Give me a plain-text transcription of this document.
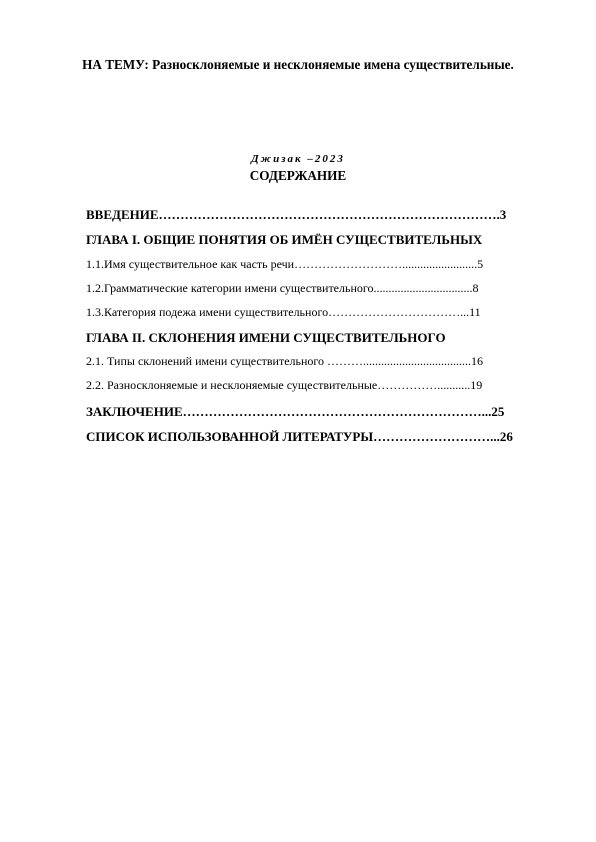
НА ТЕМУ: Разносклоняемые и несклоняемые имена существительные.
Джизак –2023
СОДЕРЖАНИЕ
ВВЕДЕНИЕ…………………………………………………………………….3
ГЛАВА I. ОБЩИЕ ПОНЯТИЯ ОБ ИМЁН СУЩЕСТВИТЕЛЬНЫХ
1.1.Имя существительное как часть речи……………………….........................5
1.2.Грамматические категории имени существительного.................................8
1.3.Категория подежа имени существительного……………………………...11
ГЛАВА II. СКЛОНЕНИЯ ИМЕНИ СУЩЕСТВИТЕЛЬНОГО
2.1. Типы склонений имени существительного ………....................................16
2.2. Разносклоняемые и несклоняемые существительные……………...........19
ЗАКЛЮЧЕНИЕ……………………………………………………………...25
СПИСОК ИСПОЛЬЗОВАННОЙ ЛИТЕРАТУРЫ………………………...26
